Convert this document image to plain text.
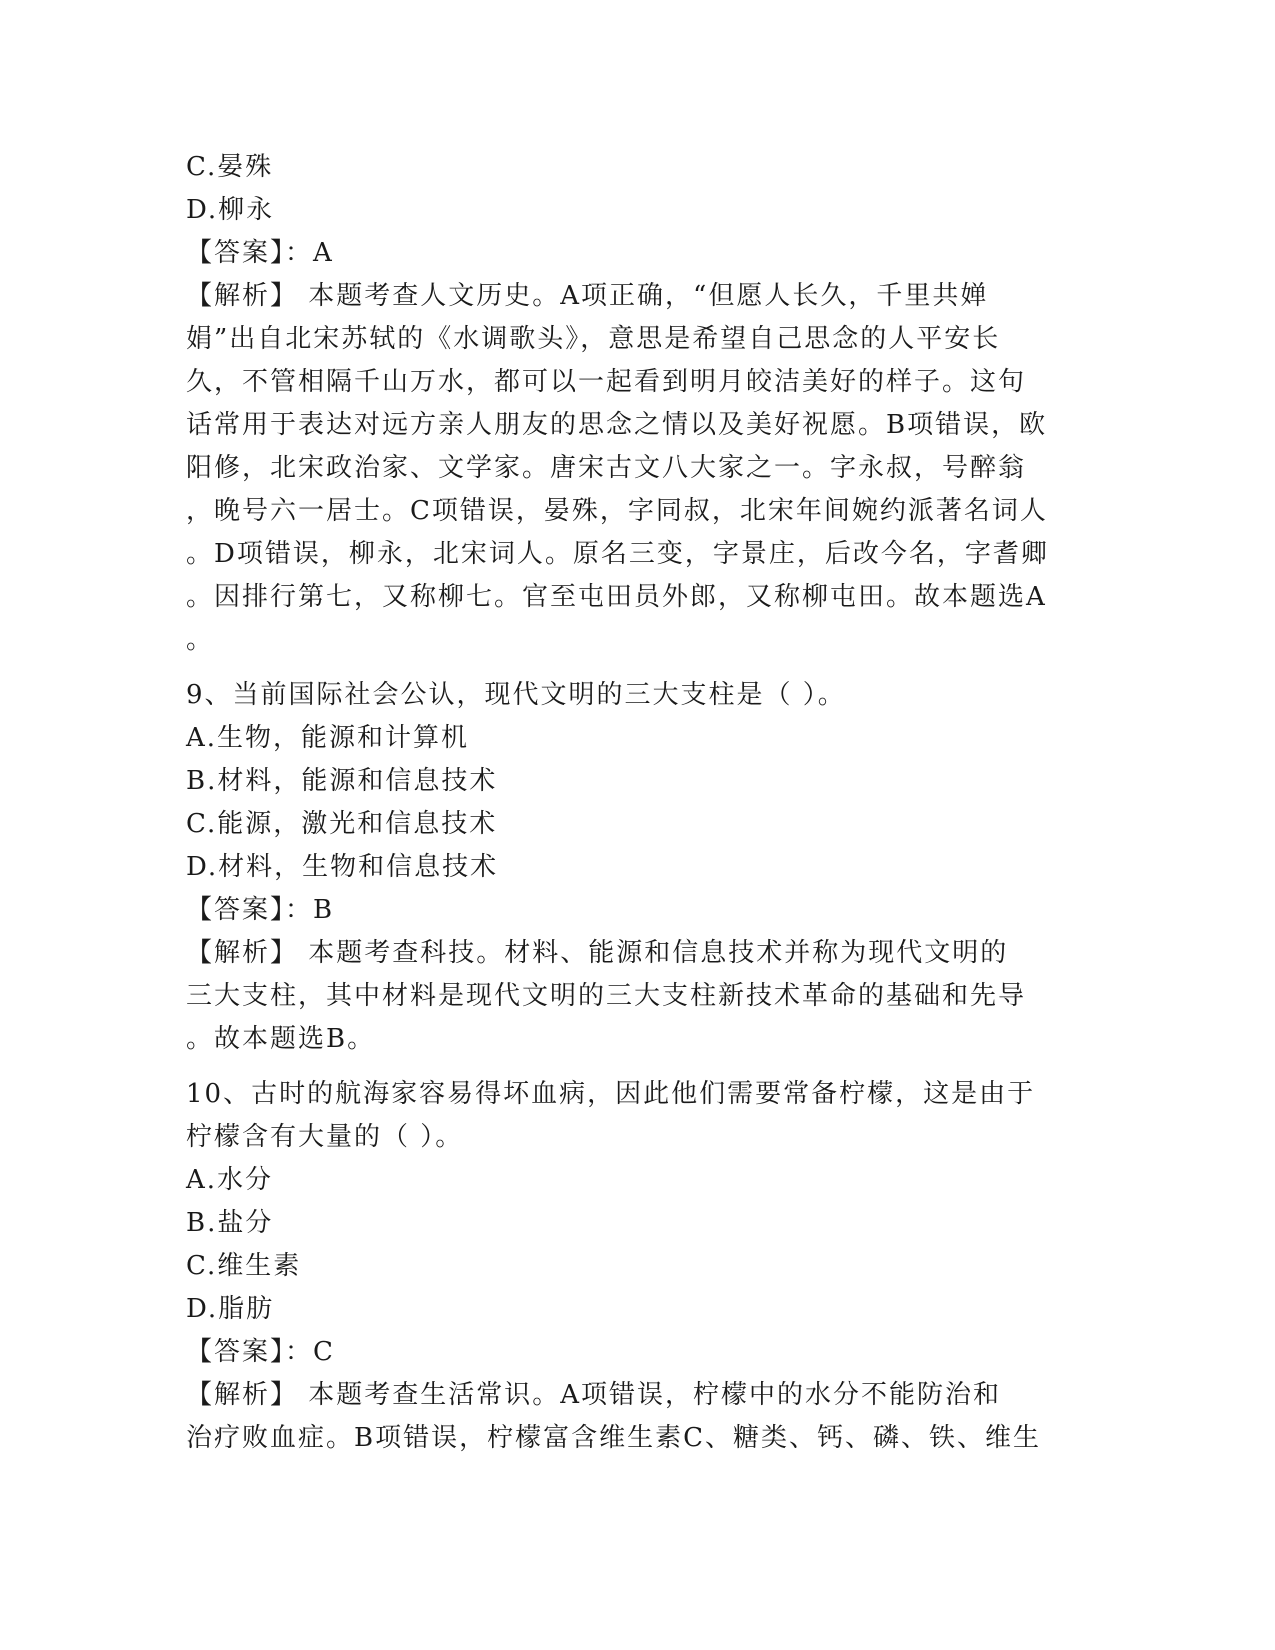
C.晏殊
D.柳永
【答案】：A
【解析】 本题考查人文历史。A项正确，“但愿人长久，千里共婵
娟”出自北宋苏轼的《水调歌头》，意思是希望自己思念的人平安长
久，不管相隔千山万水，都可以一起看到明月皎洁美好的样子。这句
话常用于表达对远方亲人朋友的思念之情以及美好祝愿。B项错误，欧
阳修，北宋政治家、文学家。唐宋古文八大家之一。字永叔，号醉翁
，晚号六一居士。C项错误，晏殊，字同叔，北宋年间婉约派著名词人
。D项错误，柳永，北宋词人。原名三变，字景庄，后改今名，字耆卿
。因排行第七，又称柳七。官至屯田员外郎，又称柳屯田。故本题选A
。
9、当前国际社会公认，现代文明的三大支柱是（ ）。
A.生物，能源和计算机
B.材料，能源和信息技术
C.能源，激光和信息技术
D.材料，生物和信息技术
【答案】：B
【解析】 本题考查科技。材料、能源和信息技术并称为现代文明的
三大支柱，其中材料是现代文明的三大支柱新技术革命的基础和先导
。故本题选B。
10、古时的航海家容易得坏血病，因此他们需要常备柠檬，这是由于
柠檬含有大量的（ ）。
A.水分
B.盐分
C.维生素
D.脂肪
【答案】：C
【解析】 本题考查生活常识。A项错误，柠檬中的水分不能防治和
治疗败血症。B项错误，柠檬富含维生素C、糖类、钙、磷、铁、维生
